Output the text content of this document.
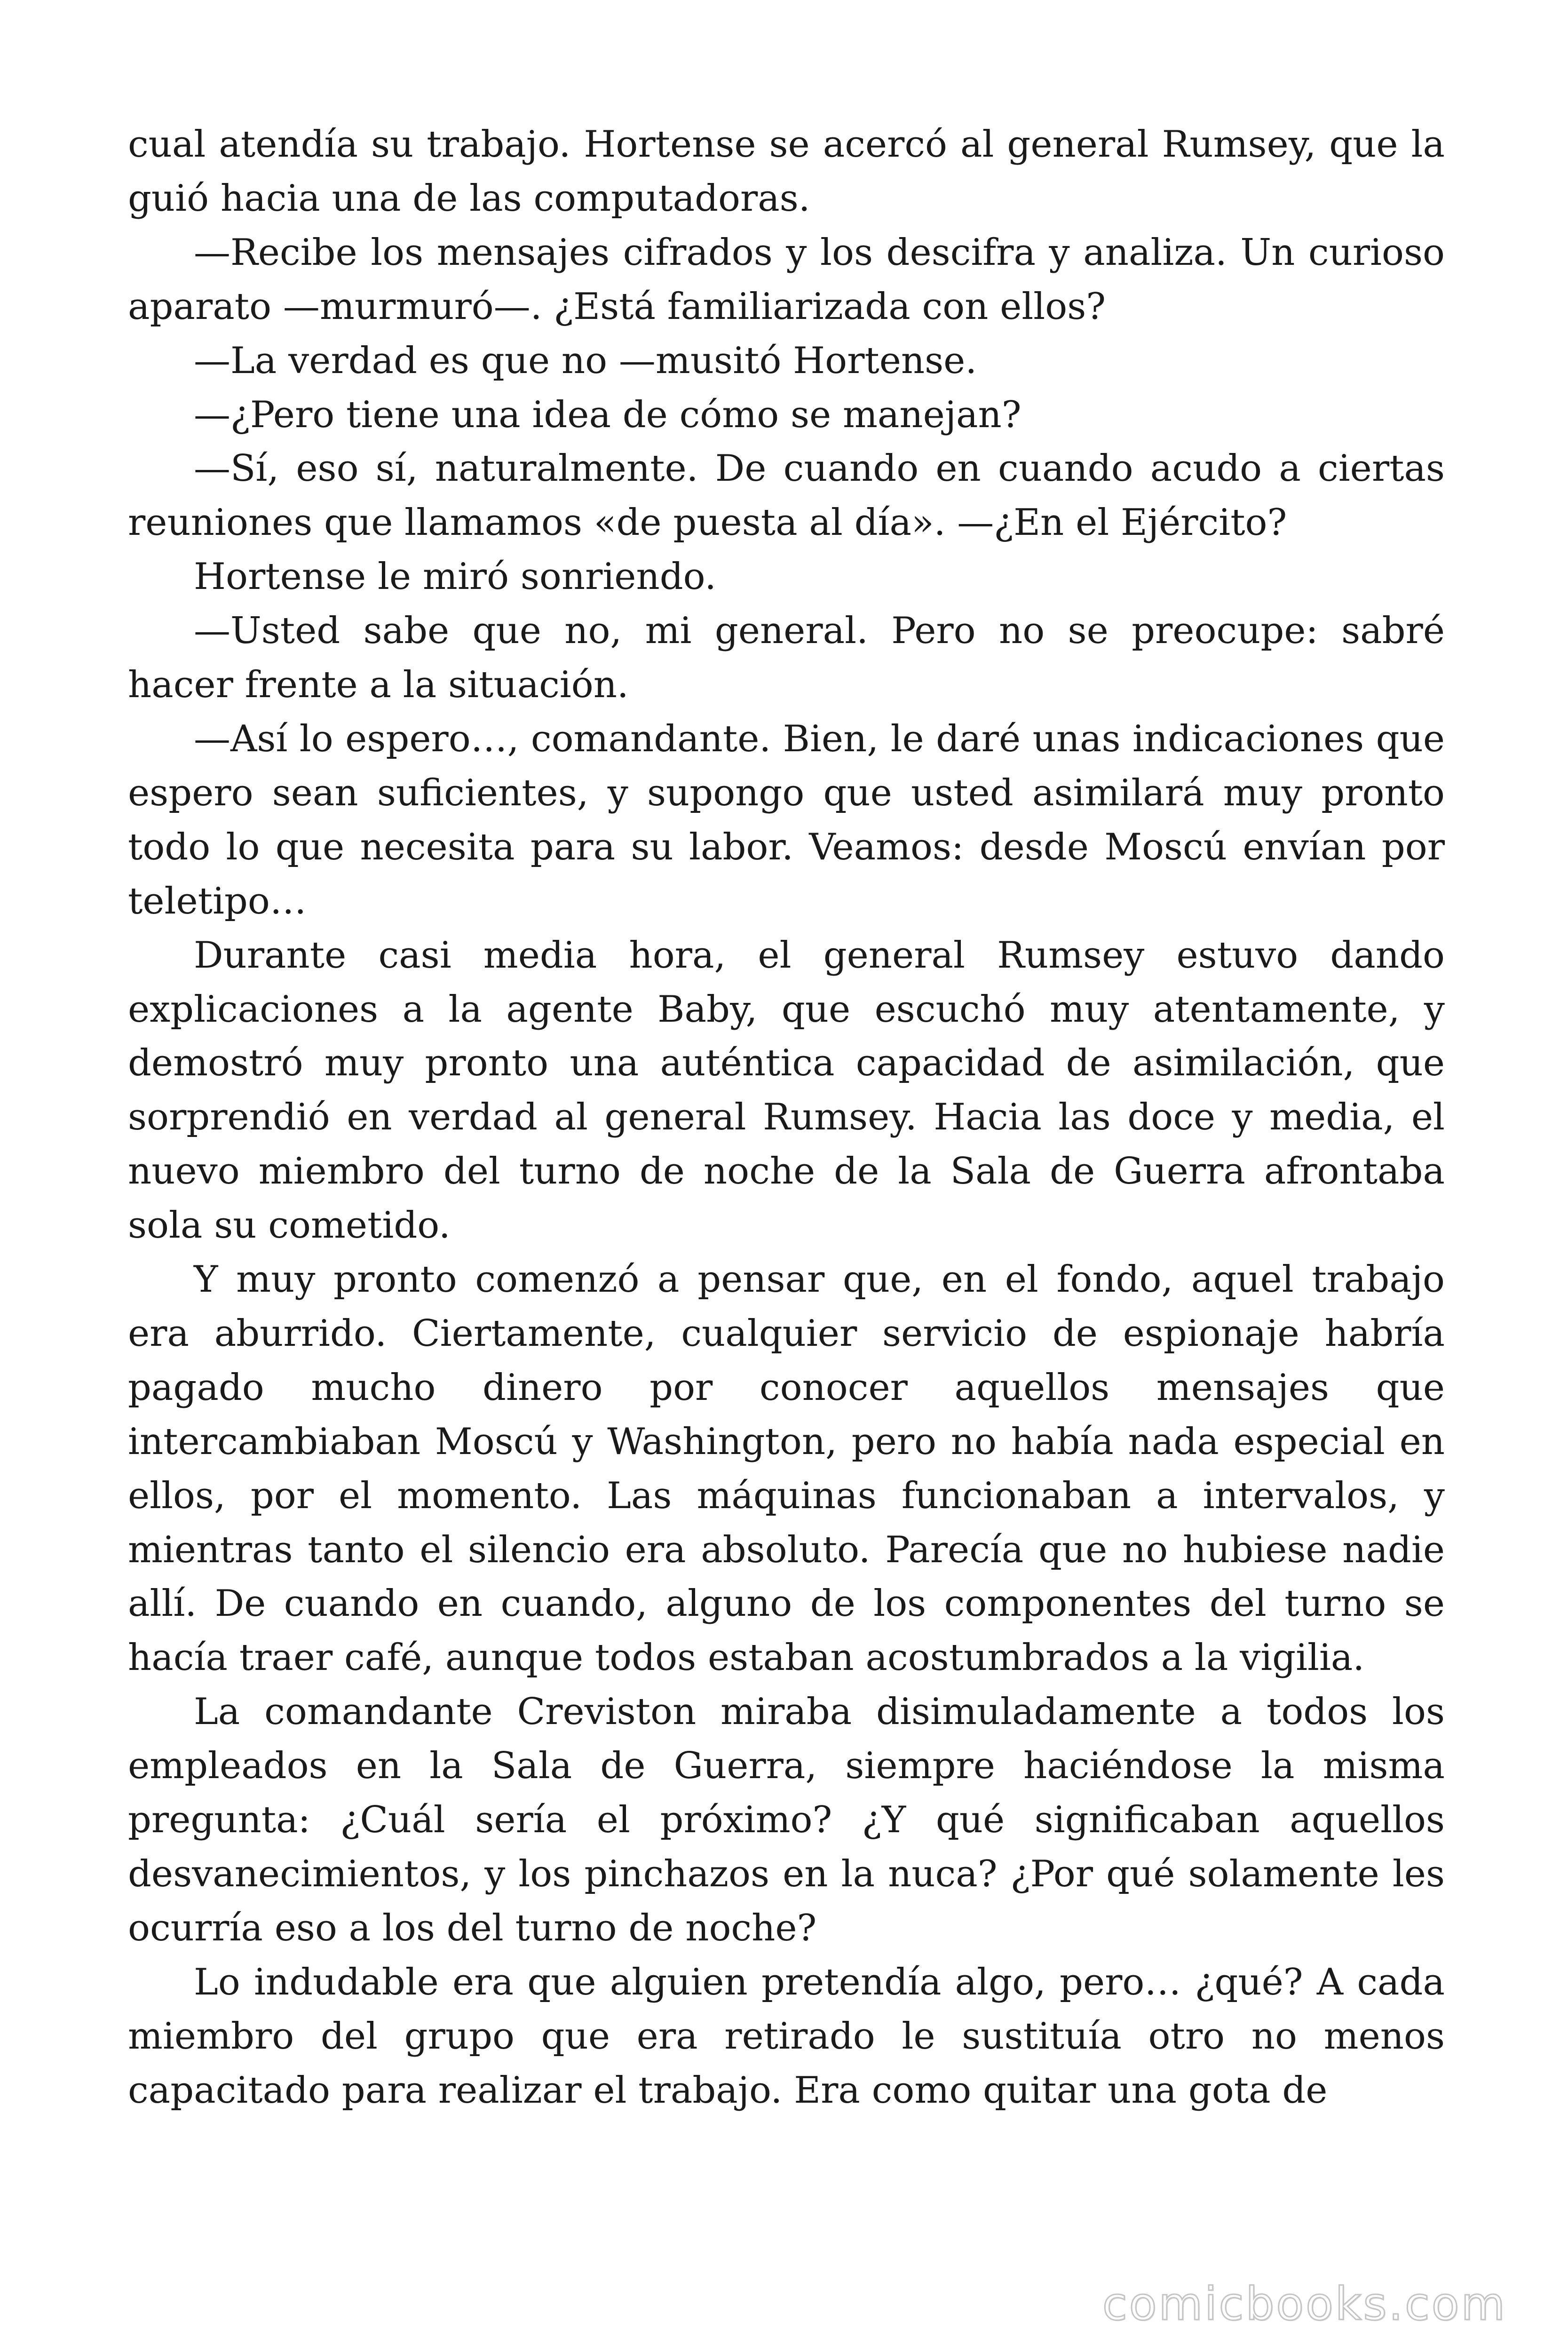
cual atendía su trabajo. Hortense se acercó al general Rumsey, que la guió hacia una de las computadoras.

—Recibe los mensajes cifrados y los descifra y analiza. Un curioso aparato —murmuró—. ¿Está familiarizada con ellos?

—La verdad es que no —musitó Hortense.

—¿Pero tiene una idea de cómo se manejan?

—Sí, eso sí, naturalmente. De cuando en cuando acudo a ciertas reuniones que llamamos «de puesta al día». —¿En el Ejército?

Hortense le miró sonriendo.

—Usted sabe que no, mi general. Pero no se preocupe: sabré hacer frente a la situación.

—Así lo espero…, comandante. Bien, le daré unas indicaciones que espero sean suficientes, y supongo que usted asimilará muy pronto todo lo que necesita para su labor. Veamos: desde Moscú envían por teletipo…

Durante casi media hora, el general Rumsey estuvo dando explicaciones a la agente Baby, que escuchó muy atentamente, y demostró muy pronto una auténtica capacidad de asimilación, que sorprendió en verdad al general Rumsey. Hacia las doce y media, el nuevo miembro del turno de noche de la Sala de Guerra afrontaba sola su cometido.

Y muy pronto comenzó a pensar que, en el fondo, aquel trabajo era aburrido. Ciertamente, cualquier servicio de espionaje habría pagado mucho dinero por conocer aquellos mensajes que intercambiaban Moscú y Washington, pero no había nada especial en ellos, por el momento. Las máquinas funcionaban a intervalos, y mientras tanto el silencio era absoluto. Parecía que no hubiese nadie allí. De cuando en cuando, alguno de los componentes del turno se hacía traer café, aunque todos estaban acostumbrados a la vigilia.

La comandante Creviston miraba disimuladamente a todos los empleados en la Sala de Guerra, siempre haciéndose la misma pregunta: ¿Cuál sería el próximo? ¿Y qué significaban aquellos desvanecimientos, y los pinchazos en la nuca? ¿Por qué solamente les ocurría eso a los del turno de noche?

Lo indudable era que alguien pretendía algo, pero… ¿qué? A cada miembro del grupo que era retirado le sustituía otro no menos capacitado para realizar el trabajo. Era como quitar una gota de

comicbooks.com
